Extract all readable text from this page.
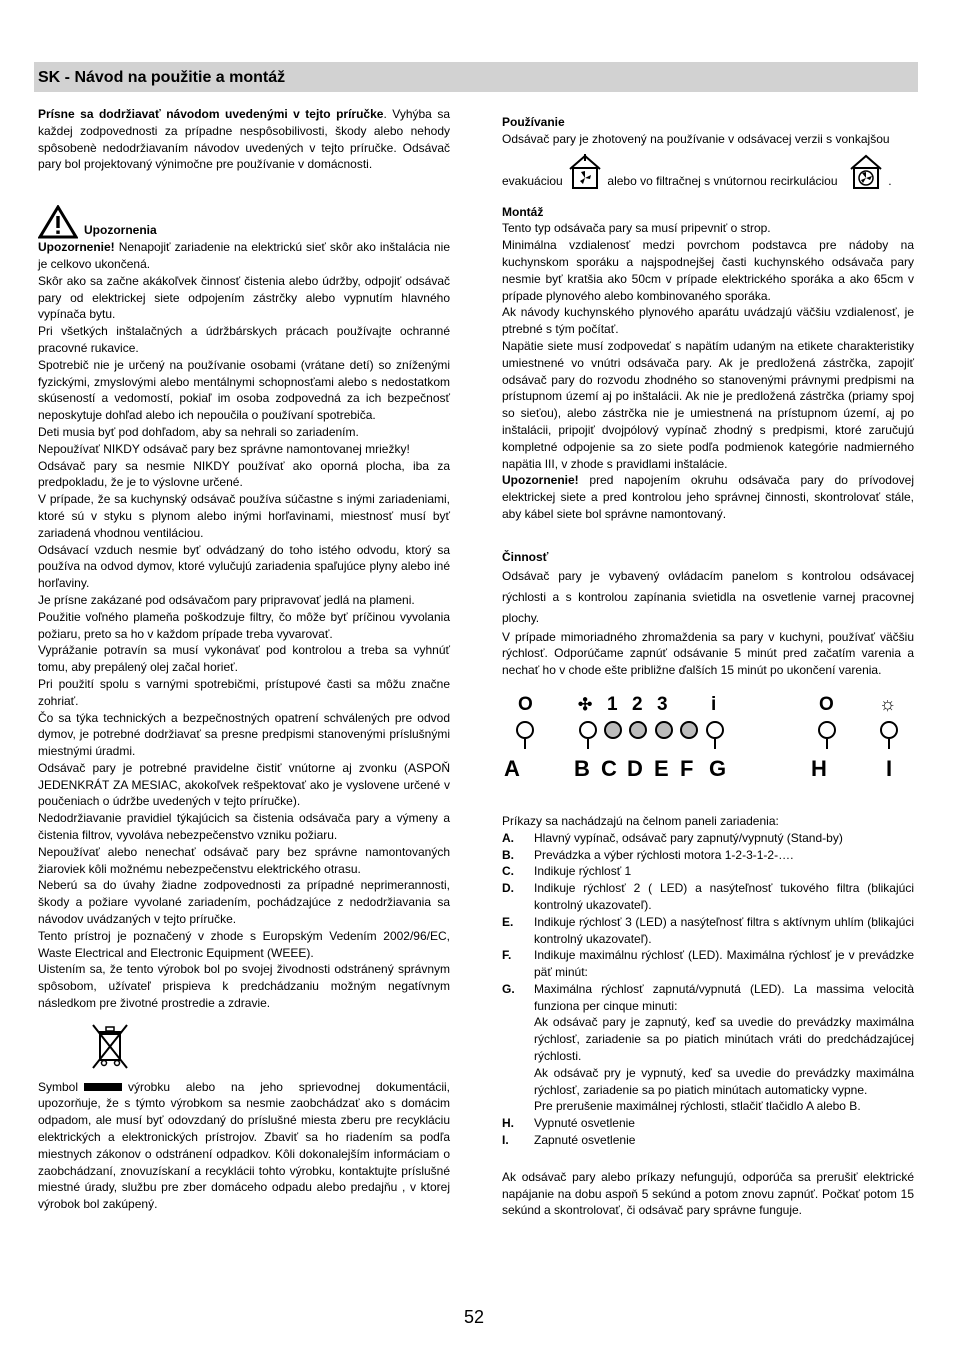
SK - Návod na použitie a montáž

Prísne sa dodržiavať návodom uvedenými v tejto príručke. Vyhýba sa každej zodpovednosti za prípadne nespôsobilivosti, škody alebo nehody spôsobenè nedodržiavaním návodov uvedených v tejto príručke. Odsávač pary bol projektovaný výnimočne pre používanie v domácnosti.

Upozornenia

Upozornenie! Nenapojiť zariadenie na elektrickú sieť skôr ako inštalácia nie je celkovo ukončená.

Skôr ako sa začne akákoľvek činnosť čistenia alebo údržby, odpojiť odsávač pary od elektrickej siete odpojením zástrčky alebo vypnutím hlavného vypínača bytu.

Pri všetkých inštalačných a údržbárskych prácach používajte ochranné pracovné rukavice.

Spotrebič nie je určený na používanie osobami (vrátane detí) so zníženými fyzickými, zmyslovými alebo mentálnymi schopnosťami alebo s nedostatkom skúseností a vedomostí, pokiaľ im osoba zodpovedná za ich bezpečnosť neposkytuje dohľad alebo ich nepoučila o používaní spotrebiča.

Deti musia byť pod dohľadom, aby sa nehrali so zariadením.

Nepoužívať NIKDY odsávač pary bez správne namontovanej mriežky!

Odsávač pary sa nesmie NIKDY používať ako oporná plocha, iba za predpokladu, že je to výslovne určené.

V prípade, že sa kuchynský odsávač používa súčastne s inými zariadeniami, ktoré sú v styku s plynom alebo inými horľavinami, miestnosť musí byť zariadená vhodnou ventiláciou.

Odsávací vzduch nesmie byť odvádzaný do toho istého odvodu, ktorý sa používa na odvod dymov, ktoré vylučujú zariadenia spaľujúce plyny alebo iné horľaviny.

Je prísne zakázané pod odsávačom pary pripravovať jedlá na plameni.

Použitie voľného plameňa poškodzuje filtry, čo môže byť príčinou vyvolania požiaru, preto sa ho v každom prípade treba vyvarovať.

Vyprážanie potravín sa musí vykonávať pod kontrolou a treba sa vyhnúť tomu, aby prepálený olej začal horieť.

Pri použití spolu s varnými spotrebičmi, prístupové časti sa môžu značne zohriať.

Čo sa týka technických a bezpečnostných opatrení schválených pre odvod dymov, je potrebné dodržiavať sa presne predpismi stanovenými príslušnými miestnými úradmi.

Odsávač pary je potrebné pravidelne čistiť vnútorne aj zvonku (ASPOŇ JEDENKRÁT ZA MESIAC, akokoľvek rešpektovať ako je vyslovene určené v poučeniach o údržbe uvedených v tejto príručke).

Nedodržiavanie pravidiel týkajúcich sa čistenia odsávača pary a výmeny a čistenia filtrov, vyvoláva nebezpečenstvo vzniku požiaru.

Nepoužívať alebo nenechať odsávač pary bez správne namontovaných žiaroviek kôli možnému nebezpečenstvu elektrického otrasu.

Neberú sa do úvahy žiadne zodpovednosti za prípadné neprimerannosti, škody a požiare vyvolané zariadením, pochádzajúce z nedodržiavania sa návodov uvádzaných v tejto príručke.

Tento prístroj je poznačený v zhode s Europským Vedením 2002/96/EC, Waste Electrical and Electronic Equipment (WEEE).

Uistením sa, že tento výrobok bol po svojej živodnosti odstránený správnym spôsobom, užívateľ prispieva k predchádzaniu možným negatívnym následkom pre životné prostredie a zdravie.

Symbol	výrobku alebo na jeho sprievodnej dokumentácii, upozorňuje, že s týmto výrobkom sa nesmie zaobchádzať ako s domácim odpadom, ale musí byť odovzdaný do príslušné miesta zberu pre recykláciu elektrických a elektronických prístrojov. Zbaviť sa ho riadením sa podľa miestnych zákonov o odstránení odpadkov. Kôli dokonalejším informáciam o zaobchádzaní, znovuzískaní a recyklácii tohto výrobku, kontaktujte príslušné miestné úrady, službu pre zber domáceho odpadu alebo predajňu , v ktorej výrobok bol zakúpený.

Používanie

Odsávač pary je zhotovený na používanie v odsávacej verzii s vonkajšou

evakuáciou	alebo vo filtračnej s vnútornou recirkuláciou	.

Montáž

Tento typ odsávača pary sa musí pripevniť o strop.

Minimálna vzdialenosť medzi povrchom podstavca pre nádoby na kuchynskom sporáku a najspodnejšej časti kuchynského odsávača pary nesmie byť kratšia ako 50cm v prípade elektrického sporáka a ako 65cm v prípade plynového alebo kombinovaného sporáka.

Ak návody kuchynského plynového aparátu uvádzajú väčšiu vzdialenosť, je ptrebné s tým počítať.

Napätie siete musí zodpovedať s napätím udaným na etikete charakteristiky umiestnené vo vnútri odsávača pary. Ak je predložená zástrčka, zapojiť odsávač pary do rozvodu zhodného so stanovenými právnymi predpismi na prístupnom území aj po inštalácii. Ak nie je predložená zástrčka (priamy spoj so sieťou), alebo zástrčka nie je umiestnená na prístupnom území, aj po inštalácii, pripojiť dvojpólový vypínač zhodný s predpismi, ktoré zaručujú kompletné odpojenie sa zo siete podľa podmienok kategórie nadmierného napätia III, v zhode s pravidlami inštalácie.

Upozornenie! pred napojením okruhu odsávača pary do prívodovej elektrickej siete a pred kontrolou jeho správnej činnosti, skontrolovať stále, aby kábel siete bol správne namontovaný.

Činnosť

Odsávač pary je vybavený ovládacím panelom s kontrolou odsávacej rýchlosti a s kontrolou zapínania svietidla na osvetlenie varnej pracovnej plochy.

V prípade mimoriadného zhromaždenia sa pary v kuchyni, používať väčšiu rýchlosť. Odporúčame zapnúť odsávanie 5 minút pred začatím varenia a nechať ho v chode ešte približne ďalších 15 minút po ukončení varenia.

O	✣ 1 2 3 i	O ☼
A B C D E F G	H	I

Príkazy sa nachádzajú na čelnom paneli zariadenia:

A.	Hlavný vypínač, odsávač pary zapnutý/vypnutý (Stand-by)
B.	Prevádzka a výber rýchlosti motora 1-2-3-1-2-….
C.	Indikuje rýchlosť 1
D.	Indikuje rýchlosť 2 ( LED) a nasýteľnosť tukového filtra (blikajúci kontrolný ukazovateľ).
E.	Indikuje rýchlosť 3 (LED) a nasýteľnosť filtra s aktívnym uhlím (blikajúci kontrolný ukazovateľ).
F.	Indikuje maximálnu rýchlosť (LED). Maximálna rýchlosť je v prevádzke päť minút:
G.	Maximálna rýchlosť zapnutá/vypnutá (LED). La massima velocità funziona per cinque minuti:
Ak odsávač pary je zapnutý, keď sa uvedie do prevádzky maximálna rýchlosť, zariadenie sa po piatich minútach vráti do predchádzajúcej rýchlosti.
Ak odsávač pry je vypnutý, keď sa uvedie do prevádzky maximálna rýchlosť, zariadenie sa po piatich minútach automaticky vypne.
Pre prerušenie maximálnej rýchlosti, stlačiť tlačidlo A alebo B.
H.	Vypnuté osvetlenie
I.	Zapnuté osvetlenie

Ak odsávač pary alebo príkazy nefungujú, odporúča sa prerušiť elektrické napájanie na dobu aspoň 5 sekúnd a potom znovu zapnúť. Počkať potom 15 sekúnd a skontrolovať, či odsávač pary správne funguje.

52
